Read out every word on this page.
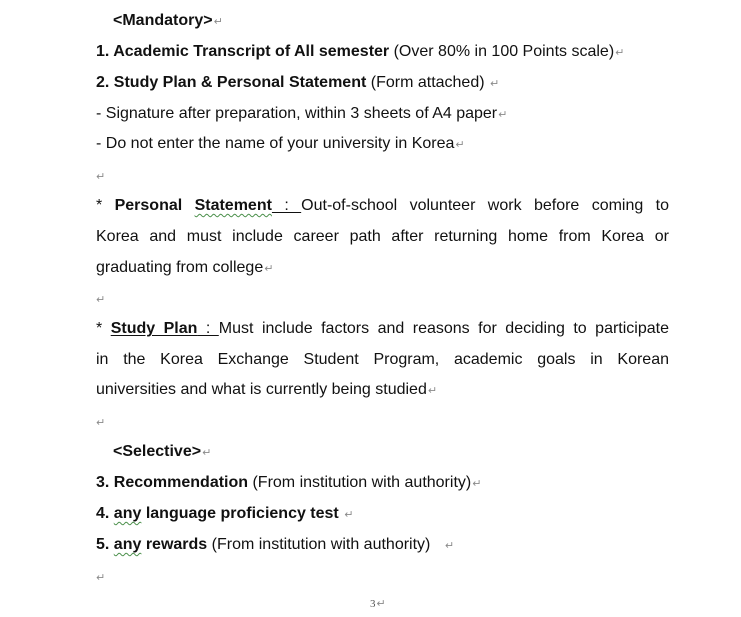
<Mandatory>↵
1. Academic Transcript of All semester (Over 80% in 100 Points scale)↵
2. Study Plan & Personal Statement (Form attached) ↵
- Signature after preparation, within 3 sheets of A4 paper↵
- Do not enter the name of your university in Korea↵
↵
* Personal Statement : Out-of-school volunteer work before coming to
Korea and must include career path after returning home from Korea or
graduating from college↵
↵
* Study Plan : Must include factors and reasons for deciding to participate
in the Korea Exchange Student Program, academic goals in Korean
universities and what is currently being studied↵
↵
<Selective>↵
3. Recommendation (From institution with authority)↵
4. any language proficiency test ↵
5. any rewards (From institution with authority) ↵
↵
3↵
